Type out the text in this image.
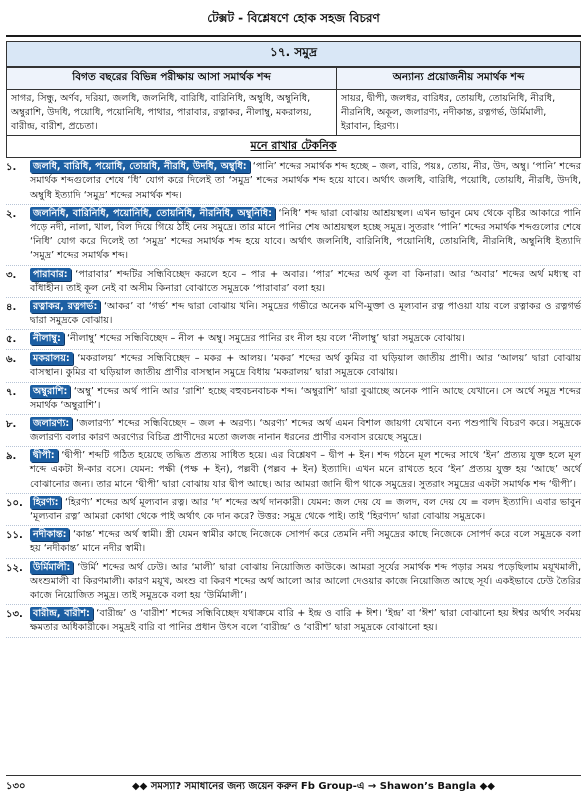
টেক্সট - বিশ্লেষণে হোক সহজ বিচরণ
১৭. সমুদ্র
বিগত বছরের বিভিন্ন পরীক্ষায় আসা সমার্থক শব্দ	অন্যান্য প্রয়োজনীয় সমার্থক শব্দ
সাগর, সিন্ধু, অর্ণব, দরিয়া, জলধি, জলনিধি, বারিধি, বারিনিধি, অম্বুধি, অম্বুনিধি, অম্বুরাশি, উদধি, পয়োধি, পয়োনিধি, পাথার, পারাবার, রত্নাকর, নীলাম্বু, মকরালয়, বারীন্দ্র, বারীশ, প্রচেতা।	সায়র, দ্বীপী, জলধর, বারিধর, তোয়ধি, তোয়নিধি, নীরধি, নীরনিধি, অকূল, জলারণ্য, নদীকান্ত, রত্নগর্ভ, উর্মিমালী, ইরাবান, হিরণ্য।
মনে রাখার টেকনিক
১.	জলধি, বারিধি, পয়োধি, তোয়ধি, নীরধি, উদধি, অম্বুধি: ‘পানি’ শব্দের সমার্থক শব্দ হচ্ছে – জল, বারি, পয়ঃ, তোয়, নীর, উদ, অম্বু। ‘পানি’ শব্দের সমার্থক শব্দগুলোর শেষে ‘ধি’ যোগ করে দিলেই তা ‘সমুদ্র’ শব্দের সমার্থক শব্দ হয়ে যাবে। অর্থাৎ জলধি, বারিধি, পয়োধি, তোয়ধি, নীরধি, উদধি, অম্বুধি ইত্যাদি ‘সমুদ্র’ শব্দের সমার্থক শব্দ।
২.	জলনিধি, বারিনিধি, পয়োনিধি, তোয়নিধি, নীরনিধি, অম্বুনিধি: ‘নিধি’ শব্দ দ্বারা বোঝায় আশ্রয়স্থল। এখন ভাবুন মেঘ থেকে বৃষ্টির আকারে পানি পড়ে নদী, নালা, খাল, বিল দিয়ে গিয়ে ঠাঁই নেয় সমুদ্রে। তার মানে পানির শেষ আশ্রয়স্থল হচ্ছে সমুদ্র। সুতরাং ‘পানি’ শব্দের সমার্থক শব্দগুলোর শেষে ‘নিধি’ যোগ করে দিলেই তা ‘সমুদ্র’ শব্দের সমার্থক শব্দ হয়ে যাবে। অর্থাৎ জলনিধি, বারিনিধি, পয়োনিধি, তোয়নিধি, নীরনিধি, অম্বুনিধি ইত্যাদি ‘সমুদ্র’ শব্দের সমার্থক শব্দ।
৩.	পারাবার: ‘পারাবার’ শব্দটির সন্ধিবিচ্ছেদ করলে হবে – পার + অবার। ‘পার’ শব্দের অর্থ কূল বা কিনারা। আর ‘অবার’ শব্দের অর্থ মধ্যস্থ বা বাঁধাহীন। তাই কূল নেই বা অসীম কিনারা বোঝাতে সমুদ্রকে ‘পারাবার’ বলা হয়।
৪.	রত্নাকর, রত্নগর্ভ: ‘আকর’ বা ‘গর্ভ’ শব্দ দ্বারা বোঝায় খনি। সমুদ্রের গভীরে অনেক মণি-মুক্তা ও মূল্যবান রত্ন পাওয়া যায় বলে রত্নাকর ও রত্নগর্ভ দ্বারা সমুদ্রকে বোঝায়।
৫.	নীলাম্বু: ‘নীলাম্বু’ শব্দের সন্ধিবিচ্ছেদ – নীল + অম্বু। সমুদ্রের পানির রং নীল হয় বলে ‘নীলাম্বু’ দ্বারা সমুদ্রকে বোঝায়।
৬.	মকরালয়: ‘মকরালয়’ শব্দের সন্ধিবিচ্ছেদ – মকর + আলয়। ‘মকর’ শব্দের অর্থ কুমির বা ঘড়িয়াল জাতীয় প্রাণী। আর ‘আলয়’ দ্বারা বোঝায় বাসস্থান। কুমির বা ঘড়িয়াল জাতীয় প্রাণীর বাসস্থান সমুদ্রে বিধায় ‘মকরালয়’ দ্বারা সমুদ্রকে বোঝায়।
৭.	অম্বুরাশি: ‘অম্বু’ শব্দের অর্থ পানি আর ‘রাশি’ হচ্ছে বহুবচনবাচক শব্দ। ‘অম্বুরাশি’ দ্বারা বুঝাচ্ছে অনেক পানি আছে যেখানে। সে অর্থে সমুদ্র শব্দের সমার্থক ‘অম্বুরাশি’।
৮.	জলারণ্য: ‘জলারণ্য’ শব্দের সন্ধিবিচ্ছেদ – জল + অরণ্য। ‘অরণ্য’ শব্দের অর্থ এমন বিশাল জায়গা যেখানে বন্য পশুপাখি বিচরণ করে। সমুদ্রকে জলারণ্য বলার কারণ অরণ্যের বিচিত্র প্রাণীদের মতো জলজ নানান ধরনের প্রাণীর বসবাস রয়েছে সমুদ্রে।
৯.	দ্বীপী: ‘দ্বীপী’ শব্দটি গঠিত হয়েছে তদ্ধিত প্রত্যয় সাধিত হয়ে। এর বিশ্লেষণ – দ্বীপ + ইন। শব্দ গঠনে মূল শব্দের সাথে ‘ইন’ প্রত্যয় যুক্ত হলে মূল শব্দে একটা ঈ-কার বসে। যেমন: পক্ষী (পক্ষ + ইন), পল্লবী (পল্লব + ইন) ইত্যাদি। এখন মনে রাখতে হবে ‘ইন’ প্রত্যয় যুক্ত হয় ‘আছে’ অর্থে বোঝানোর জন্য। তার মানে ‘দ্বীপী’ দ্বারা বোঝায় যার দ্বীপ আছে। আর আমরা জানি দ্বীপ থাকে সমুদ্রের। সুতরাং সমুদ্রের একটা সমার্থক শব্দ ‘দ্বীপী’।
১০.	হিরণ্য: ‘হিরণ্য’ শব্দের অর্থ মূল্যবান রত্ন। আর ‘দ’ শব্দের অর্থ দানকারী। যেমন: জল দেয় যে = জলদ, বল দেয় যে = বলদ ইত্যাদি। এবার ভাবুন ‘মূল্যবান রত্ন’ আমরা কোথা থেকে পাই অর্থাৎ কে দান করে? উত্তর: সমুদ্র থেকে পাই। তাই ‘হিরণ্যদ’ দ্বারা বোঝায় সমুদ্রকে।
১১.	নদীকান্ত: ‘কান্ত’ শব্দের অর্থ স্বামী। স্ত্রী যেমন স্বামীর কাছে নিজেকে সোপর্দ করে তেমনি নদী সমুদ্রের কাছে নিজেকে সোপর্দ করে বলে সমুদ্রকে বলা হয় ‘নদীকান্ত’ মানে নদীর স্বামী।
১২.	উর্মিমালী: ‘উর্মি’ শব্দের অর্থ ঢেউ। আর ‘মালী’ দ্বারা বোঝায় নিয়োজিত কাউকে। আমরা সূর্যের সমার্থক শব্দ পড়ার সময় পড়েছিলাম ময়ূখমালী, অংশুমালী বা কিরণমালী। কারণ ময়ূখ, অংশু বা কিরণ শব্দের অর্থ আলো আর আলো দেওয়ার কাজে নিয়োজিত আছে সূর্য। একইভাবে ঢেউ তৈরির কাজে নিয়োজিত সমুদ্র। তাই সমুদ্রকে বলা হয় ‘উর্মিমালী’।
১৩.	বারীন্দ্র, বারীশ: ‘বারীন্দ্র’ ও ‘বারীশ’ শব্দের সন্ধিবিচ্ছেদ যথাক্রমে বারি + ইন্দ্র ও বারি + ঈশ। ‘ইন্দ্র’ বা ‘ঈশ’ দ্বারা বোঝানো হয় ঈশ্বর অর্থাৎ সর্বময় ক্ষমতার অধিকারীকে। সমুদ্রই বারি বা পানির প্রধান উৎস বলে ‘বারীন্দ্র’ ও ‘বারীশ’ দ্বারা সমুদ্রকে বোঝানো হয়।
১৩০	◆◆ সমস্যা? সমাধানের জন্য জয়েন করুন Fb Group-এ → Shawon’s Bangla ◆◆
